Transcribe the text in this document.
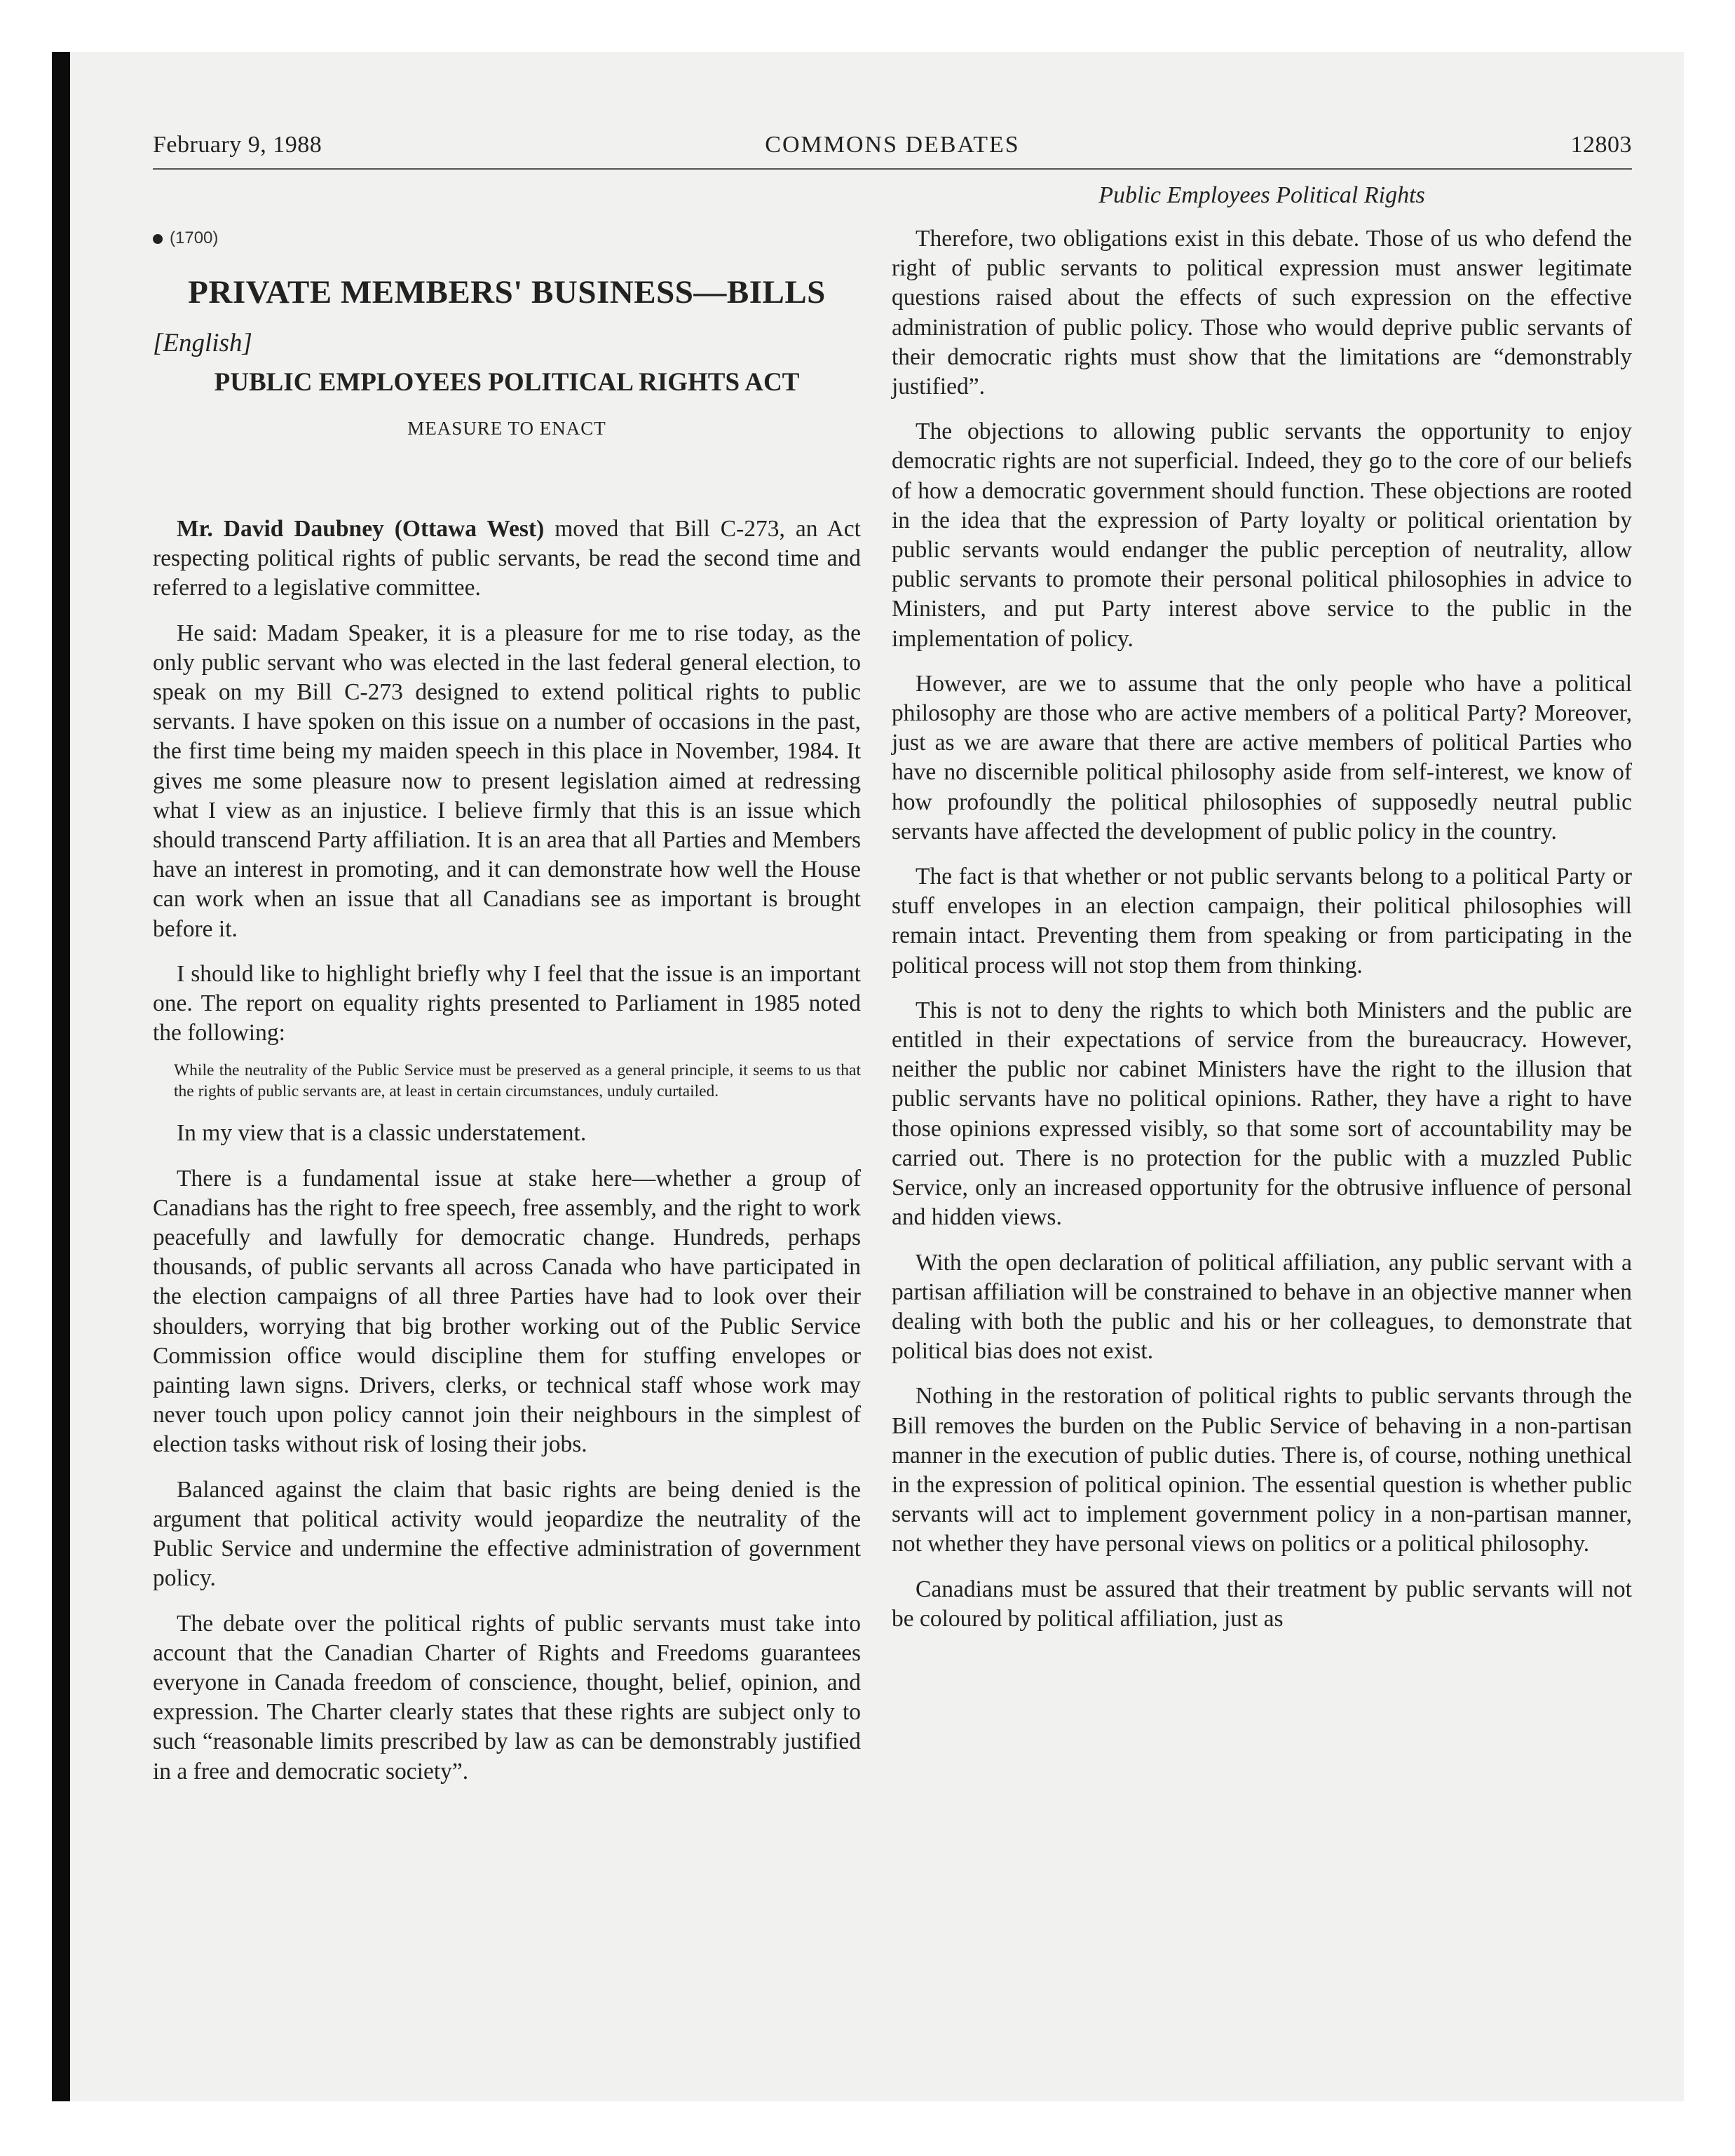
February 9, 1988	COMMONS DEBATES	12803
(1700)
PRIVATE MEMBERS' BUSINESS—BILLS
[English]
PUBLIC EMPLOYEES POLITICAL RIGHTS ACT
MEASURE TO ENACT

Mr. David Daubney (Ottawa West) moved that Bill C-273, an Act respecting political rights of public servants, be read the second time and referred to a legislative committee.

He said: Madam Speaker, it is a pleasure for me to rise today, as the only public servant who was elected in the last federal general election, to speak on my Bill C-273 designed to extend political rights to public servants. I have spoken on this issue on a number of occasions in the past, the first time being my maiden speech in this place in November, 1984. It gives me some pleasure now to present legislation aimed at redressing what I view as an injustice. I believe firmly that this is an issue which should transcend Party affiliation. It is an area that all Parties and Members have an interest in promoting, and it can demonstrate how well the House can work when an issue that all Canadians see as important is brought before it.

I should like to highlight briefly why I feel that the issue is an important one. The report on equality rights presented to Parliament in 1985 noted the following:

While the neutrality of the Public Service must be preserved as a general principle, it seems to us that the rights of public servants are, at least in certain circumstances, unduly curtailed.

In my view that is a classic understatement.

There is a fundamental issue at stake here—whether a group of Canadians has the right to free speech, free assembly, and the right to work peacefully and lawfully for democratic change. Hundreds, perhaps thousands, of public servants all across Canada who have participated in the election campaigns of all three Parties have had to look over their shoulders, worrying that big brother working out of the Public Service Commission office would discipline them for stuffing envelopes or painting lawn signs. Drivers, clerks, or technical staff whose work may never touch upon policy cannot join their neighbours in the simplest of election tasks without risk of losing their jobs.

Balanced against the claim that basic rights are being denied is the argument that political activity would jeopardize the neutrality of the Public Service and undermine the effective administration of government policy.

The debate over the political rights of public servants must take into account that the Canadian Charter of Rights and Freedoms guarantees everyone in Canada freedom of conscience, thought, belief, opinion, and expression. The Charter clearly states that these rights are subject only to such “reasonable limits prescribed by law as can be demonstrably justified in a free and democratic society”.

Public Employees Political Rights

Therefore, two obligations exist in this debate. Those of us who defend the right of public servants to political expression must answer legitimate questions raised about the effects of such expression on the effective administration of public policy. Those who would deprive public servants of their democratic rights must show that the limitations are “demonstrably justified”.

The objections to allowing public servants the opportunity to enjoy democratic rights are not superficial. Indeed, they go to the core of our beliefs of how a democratic government should function. These objections are rooted in the idea that the expression of Party loyalty or political orientation by public servants would endanger the public perception of neutrality, allow public servants to promote their personal political philosophies in advice to Ministers, and put Party interest above service to the public in the implementation of policy.

However, are we to assume that the only people who have a political philosophy are those who are active members of a political Party? Moreover, just as we are aware that there are active members of political Parties who have no discernible political philosophy aside from self-interest, we know of how profoundly the political philosophies of supposedly neutral public servants have affected the development of public policy in the country.

The fact is that whether or not public servants belong to a political Party or stuff envelopes in an election campaign, their political philosophies will remain intact. Preventing them from speaking or from participating in the political process will not stop them from thinking.

This is not to deny the rights to which both Ministers and the public are entitled in their expectations of service from the bureaucracy. However, neither the public nor cabinet Ministers have the right to the illusion that public servants have no political opinions. Rather, they have a right to have those opinions expressed visibly, so that some sort of accountability may be carried out. There is no protection for the public with a muzzled Public Service, only an increased opportunity for the obtrusive influence of personal and hidden views.

With the open declaration of political affiliation, any public servant with a partisan affiliation will be constrained to behave in an objective manner when dealing with both the public and his or her colleagues, to demonstrate that political bias does not exist.

Nothing in the restoration of political rights to public servants through the Bill removes the burden on the Public Service of behaving in a non-partisan manner in the execution of public duties. There is, of course, nothing unethical in the expression of political opinion. The essential question is whether public servants will act to implement government policy in a non-partisan manner, not whether they have personal views on politics or a political philosophy.

Canadians must be assured that their treatment by public servants will not be coloured by political affiliation, just as
